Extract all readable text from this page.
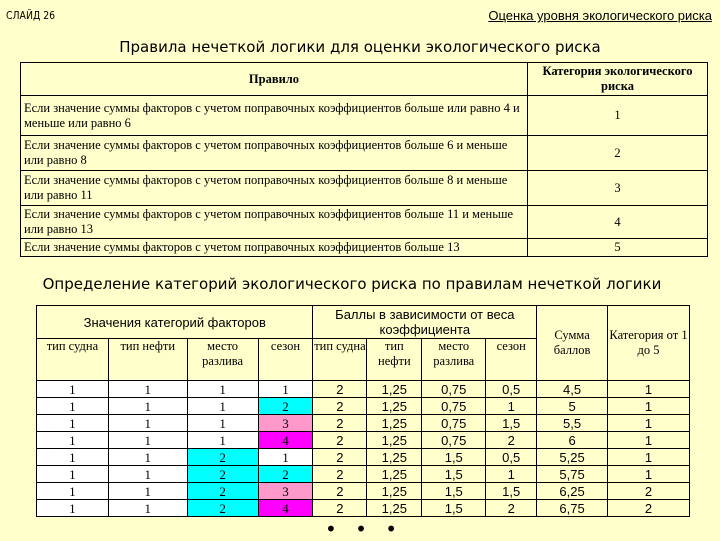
СЛАЙД 26	Оценка уровня экологического риска
Правила нечеткой логики для оценки экологического риска
Правило	Категория экологического риска
Если значение суммы факторов с учетом поправочных коэффициентов больше или равно 4 и меньше или равно 6	1
Если значение суммы факторов с учетом поправочных коэффициентов больше 6 и меньше или равно 8	2
Если значение суммы факторов с учетом поправочных коэффициентов больше 8 и меньше или равно 11	3
Если значение суммы факторов с учетом поправочных коэффициентов больше 11 и меньше или равно 13	4
Если значение суммы факторов с учетом поправочных коэффициентов больше 13	5
Определение категорий экологического риска по правилам нечеткой логики
Значения категорий факторов				Баллы в зависимости от веса коэффициента				Сумма баллов	Категория от 1 до 5
тип судна	тип нефти	место разлива	сезон	тип судна	тип нефти	место разлива	сезон		
1	1	1	1	2	1,25	0,75	0,5	4,5	1
1	1	1	2	2	1,25	0,75	1	5	1
1	1	1	3	2	1,25	0,75	1,5	5,5	1
1	1	1	4	2	1,25	0,75	2	6	1
1	1	2	1	2	1,25	1,5	0,5	5,25	1
1	1	2	2	2	1,25	1,5	1	5,75	1
1	1	2	3	2	1,25	1,5	1,5	6,25	2
1	1	2	4	2	1,25	1,5	2	6,75	2
• • •
